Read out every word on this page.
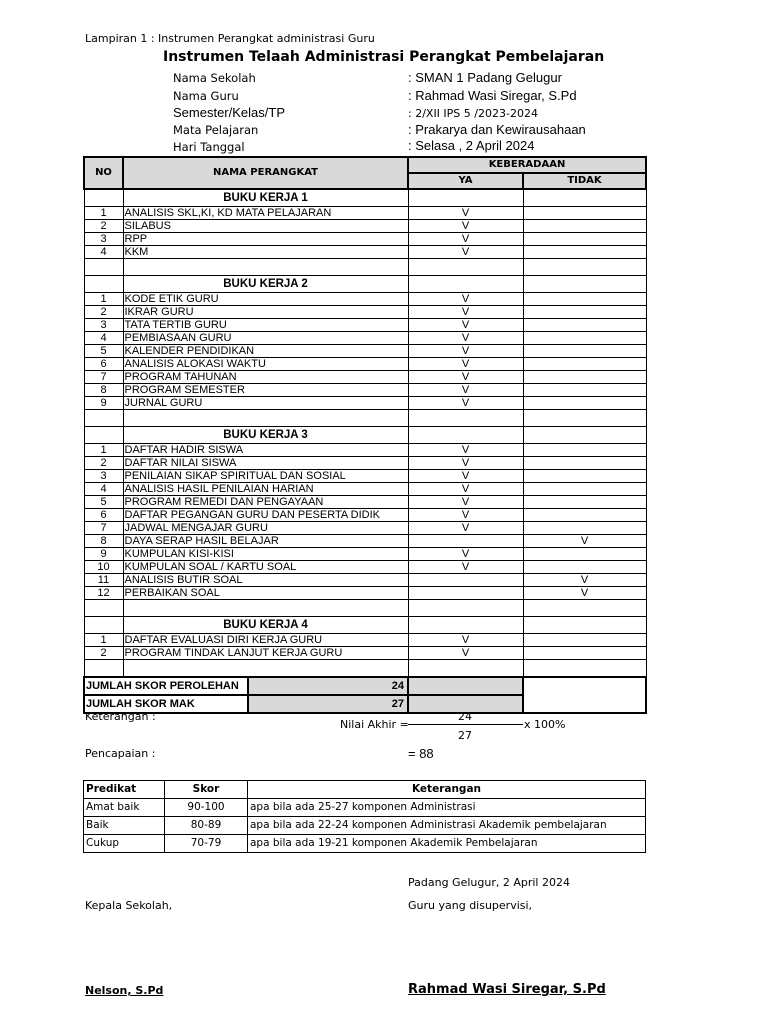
Lampiran 1 : Instrumen Perangkat administrasi Guru
Instrumen Telaah Administrasi Perangkat Pembelajaran
Nama Sekolah	: SMAN 1 Padang Gelugur
Nama Guru	: Rahmad Wasi Siregar, S.Pd
Semester/Kelas/TP	: 2/XII IPS 5 /2023-2024
Mata Pelajaran	: Prakarya dan Kewirausahaan
Hari Tanggal	: Selasa , 2 April 2024
NO	NAMA PERANGKAT		KEBERADAAN	
			YA	TIDAK
	BUKU KERJA 1			
1	ANALISIS SKL,KI, KD MATA PELAJARAN		V	
2	SILABUS		V	
3	RPP		V	
4	KKM		V	

	BUKU KERJA 2			
1	KODE ETIK GURU		V	
2	IKRAR GURU		V	
3	TATA TERTIB GURU		V	
4	PEMBIASAAN GURU		V	
5	KALENDER PENDIDIKAN		V	
6	ANALISIS ALOKASI WAKTU		V	
7	PROGRAM TAHUNAN		V	
8	PROGRAM SEMESTER		V	
9	JURNAL GURU		V	

	BUKU KERJA 3			
1	DAFTAR HADIR SISWA		V	
2	DAFTAR NILAI SISWA		V	
3	PENILAIAN SIKAP SPIRITUAL DAN SOSIAL		V	
4	ANALISIS HASIL PENILAIAN HARIAN		V	
5	PROGRAM REMEDI DAN PENGAYAAN		V	
6	DAFTAR PEGANGAN GURU DAN PESERTA DIDIK		V	
7	JADWAL MENGAJAR GURU		V	
8	DAYA SERAP HASIL BELAJAR			V
9	KUMPULAN KISI-KISI		V	
10	KUMPULAN SOAL / KARTU SOAL		V	
11	ANALISIS BUTIR SOAL			V
12	PERBAIKAN SOAL			V

	BUKU KERJA 4			
1	DAFTAR EVALUASI DIRI KERJA GURU		V	
2	PROGRAM TINDAK LANJUT KERJA GURU		V	

JUMLAH SKOR PEROLEHAN		24		
JUMLAH SKOR MAK		27		
Keterangan :
Nilai Akhir =
24
x 100%
27
Pencapaian :	= 88
Predikat	Skor	Keterangan
Amat baik	90-100	apa bila ada 25-27 komponen Administrasi
Baik	80-89	apa bila ada 22-24 komponen Administrasi Akademik pembelajaran
Cukup	70-79	apa bila ada 19-21 komponen Akademik Pembelajaran
Padang Gelugur, 2 April 2024
Kepala Sekolah,	Guru yang disupervisi,
Nelson, S.Pd	Rahmad Wasi Siregar, S.Pd
